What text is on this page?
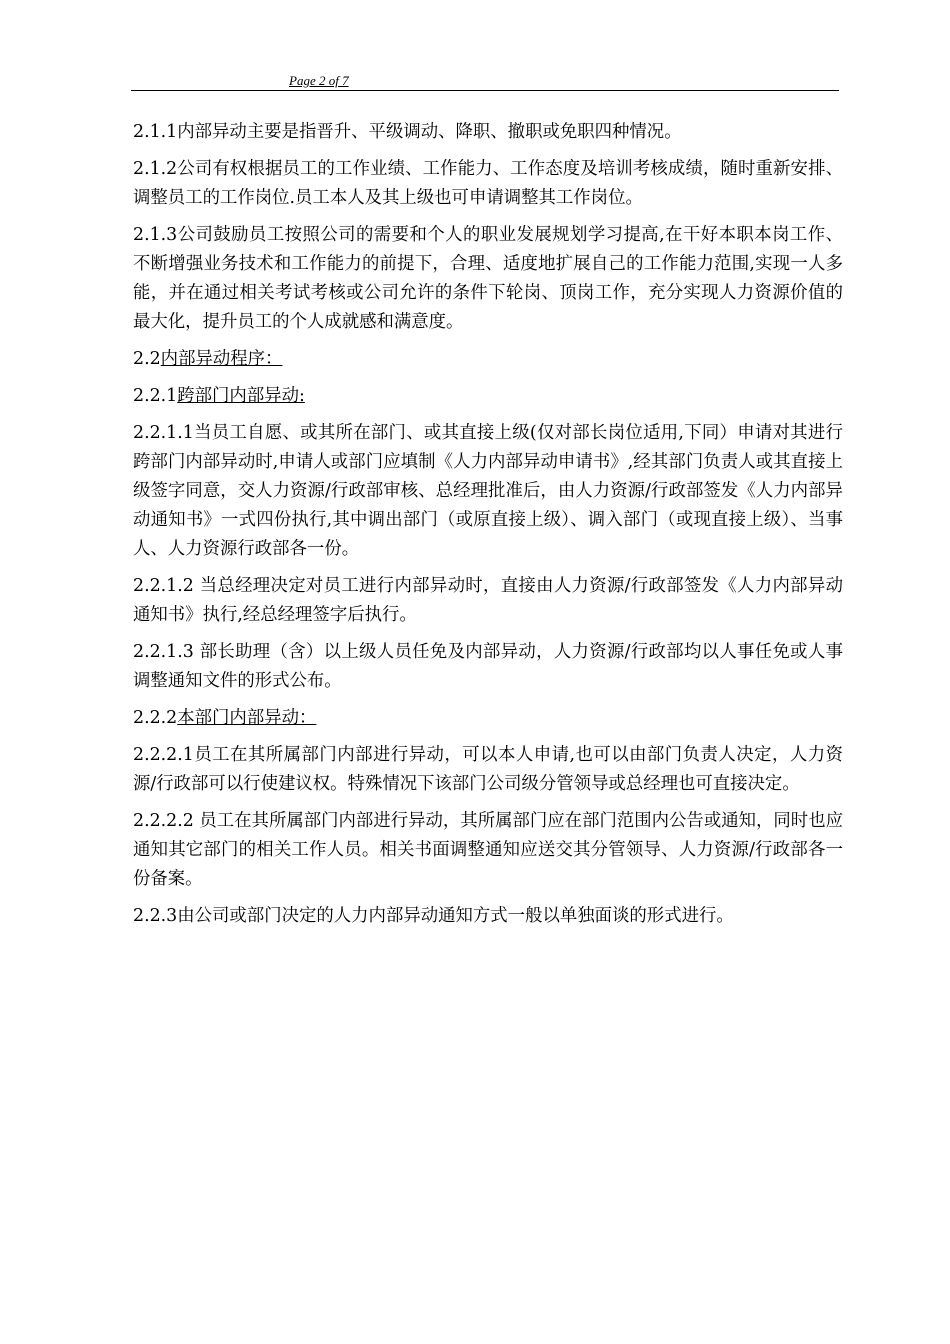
Page 2 of 7

2.1.1内部异动主要是指晋升、平级调动、降职、撤职或免职四种情况。

2.1.2公司有权根据员工的工作业绩、工作能力、工作态度及培训考核成绩，随时重新安排、调整员工的工作岗位.员工本人及其上级也可申请调整其工作岗位。

2.1.3公司鼓励员工按照公司的需要和个人的职业发展规划学习提高,在干好本职本岗工作、不断增强业务技术和工作能力的前提下，合理、适度地扩展自己的工作能力范围,实现一人多能，并在通过相关考试考核或公司允许的条件下轮岗、顶岗工作，充分实现人力资源价值的最大化，提升员工的个人成就感和满意度。

2.2内部异动程序：

2.2.1跨部门内部异动:

2.2.1.1当员工自愿、或其所在部门、或其直接上级(仅对部长岗位适用,下同）申请对其进行跨部门内部异动时,申请人或部门应填制《人力内部异动申请书》,经其部门负责人或其直接上级签字同意，交人力资源/行政部审核、总经理批准后，由人力资源/行政部签发《人力内部异动通知书》一式四份执行,其中调出部门（或原直接上级）、调入部门（或现直接上级）、当事人、人力资源行政部各一份。

2.2.1.2 当总经理决定对员工进行内部异动时，直接由人力资源/行政部签发《人力内部异动通知书》执行,经总经理签字后执行。

2.2.1.3 部长助理（含）以上级人员任免及内部异动，人力资源/行政部均以人事任免或人事调整通知文件的形式公布。

2.2.2本部门内部异动：

2.2.2.1员工在其所属部门内部进行异动，可以本人申请,也可以由部门负责人决定，人力资源/行政部可以行使建议权。特殊情况下该部门公司级分管领导或总经理也可直接决定。

2.2.2.2 员工在其所属部门内部进行异动，其所属部门应在部门范围内公告或通知，同时也应通知其它部门的相关工作人员。相关书面调整通知应送交其分管领导、人力资源/行政部各一份备案。

2.2.3由公司或部门决定的人力内部异动通知方式一般以单独面谈的形式进行。
